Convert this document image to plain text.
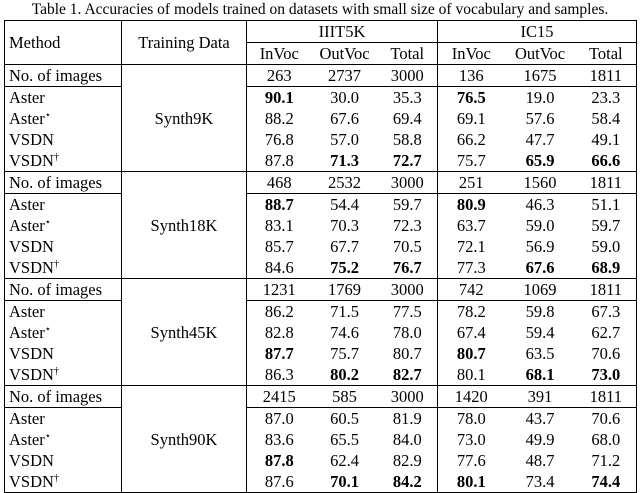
Table 1. Accuracies of models trained on datasets with small size of vocabulary and samples.
Method	Training Data	IIIT5K			IC15		
		InVoc	OutVoc	Total	InVoc	OutVoc	Total
No. of images	Synth9K	263	2737	3000	136	1675	1811
Aster		90.1	30.0	35.3	76.5	19.0	23.3
Aster⋆		88.2	67.6	69.4	69.1	57.6	58.4
VSDN		76.8	57.0	58.8	66.2	47.7	49.1
VSDN†		87.8	71.3	72.7	75.7	65.9	66.6
No. of images	Synth18K	468	2532	3000	251	1560	1811
Aster		88.7	54.4	59.7	80.9	46.3	51.1
Aster⋆		83.1	70.3	72.3	63.7	59.0	59.7
VSDN		85.7	67.7	70.5	72.1	56.9	59.0
VSDN†		84.6	75.2	76.7	77.3	67.6	68.9
No. of images	Synth45K	1231	1769	3000	742	1069	1811
Aster		86.2	71.5	77.5	78.2	59.8	67.3
Aster⋆		82.8	74.6	78.0	67.4	59.4	62.7
VSDN		87.7	75.7	80.7	80.7	63.5	70.6
VSDN†		86.3	80.2	82.7	80.1	68.1	73.0
No. of images	Synth90K	2415	585	3000	1420	391	1811
Aster		87.0	60.5	81.9	78.0	43.7	70.6
Aster⋆		83.6	65.5	84.0	73.0	49.9	68.0
VSDN		87.8	62.4	82.9	77.6	48.7	71.2
VSDN†		87.6	70.1	84.2	80.1	73.4	74.4
